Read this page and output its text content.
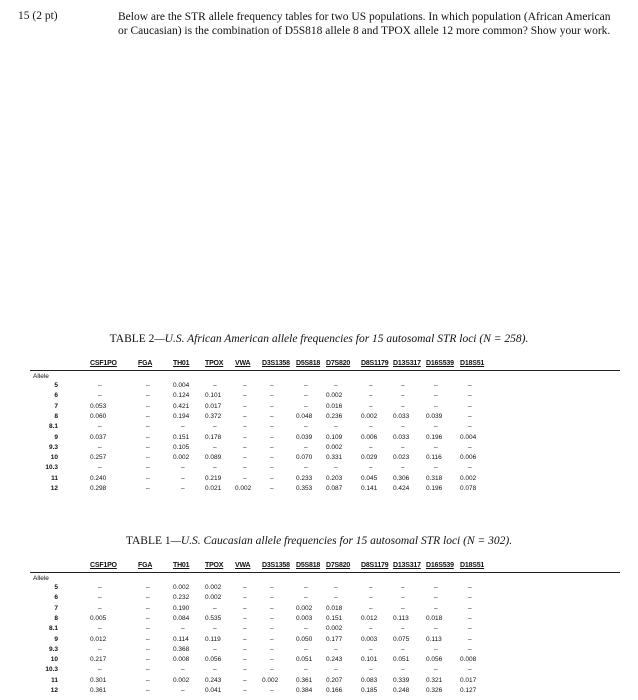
15 (2 pt)	Below are the STR allele frequency tables for two US populations. In which population (African American or Caucasian) is the combination of D5S818 allele 8 and TPOX allele 12 more common? Show your work.
TABLE 2—U.S. African American allele frequencies for 15 autosomal STR loci (N = 258).
CSF1PO	FGA	TH01 TPOX VWA D3S1358 D5S818 D7S820 D8S1179 D13S317 D16S539 D18S51
Allele
5	–	–	0.004	–	–	–	–	–	–	–	–	–
6	–	–	0.124 0.101	–	–	–	0.002	–	–	–	–
7	0.053	–	0.421 0.017	–	–	–	0.016	–	–	–	–
8	0.060	–	0.194 0.372	–	–	0.048 0.236	0.002 0.033	0.039	–
8.1	–	–	–	–	–	–	–	–	–	–	–	–
9	0.037	–	0.151 0.178	–	–	0.039 0.109	0.006 0.033	0.196	0.004
9.3	–	–	0.105	–	–	–	–	0.002	–	–	–	–
10	0.257	–	0.002 0.089	–	–	0.070 0.331	0.029 0.023	0.116	0.006
10.3	–	–	–	–	–	–	–	–	–	–	–	–
11	0.240	–	–	0.219	–	–	0.233 0.203	0.045 0.306	0.318	0.002
12	0.298	–	–	0.021 0.002	–	0.353 0.087	0.141 0.424	0.196	0.078
TABLE 1—U.S. Caucasian allele frequencies for 15 autosomal STR loci (N = 302).
CSF1PO	FGA	TH01 TPOX VWA D3S1358 D5S818 D7S820 D8S1179 D13S317 D16S539 D18S51
Allele
5	–	–	0.002 0.002	–	–	–	–	–	–	–	–
6	–	–	0.232 0.002	–	–	–	–	–	–	–	–
7	–	–	0.190	–	–	–	0.002 0.018	–	–	–	–
8	0.005	–	0.084 0.535	–	–	0.003 0.151	0.012 0.113	0.018	–
8.1	–	–	–	–	–	–	–	0.002	–	–	–	–
9	0.012	–	0.114 0.119	–	–	0.050 0.177	0.003 0.075	0.113	–
9.3	–	–	0.368	–	–	–	–	–	–	–	–	–
10	0.217	–	0.008 0.056	–	–	0.051 0.243	0.101 0.051	0.056	0.008
10.3	–	–	–	–	–	–	–	–	–	–	–	–
11	0.301	–	0.002 0.243	– 0.002	0.361 0.207	0.083 0.339	0.321	0.017
12	0.361	–	–	0.041	–	–	0.384 0.166	0.185 0.248	0.326	0.127
